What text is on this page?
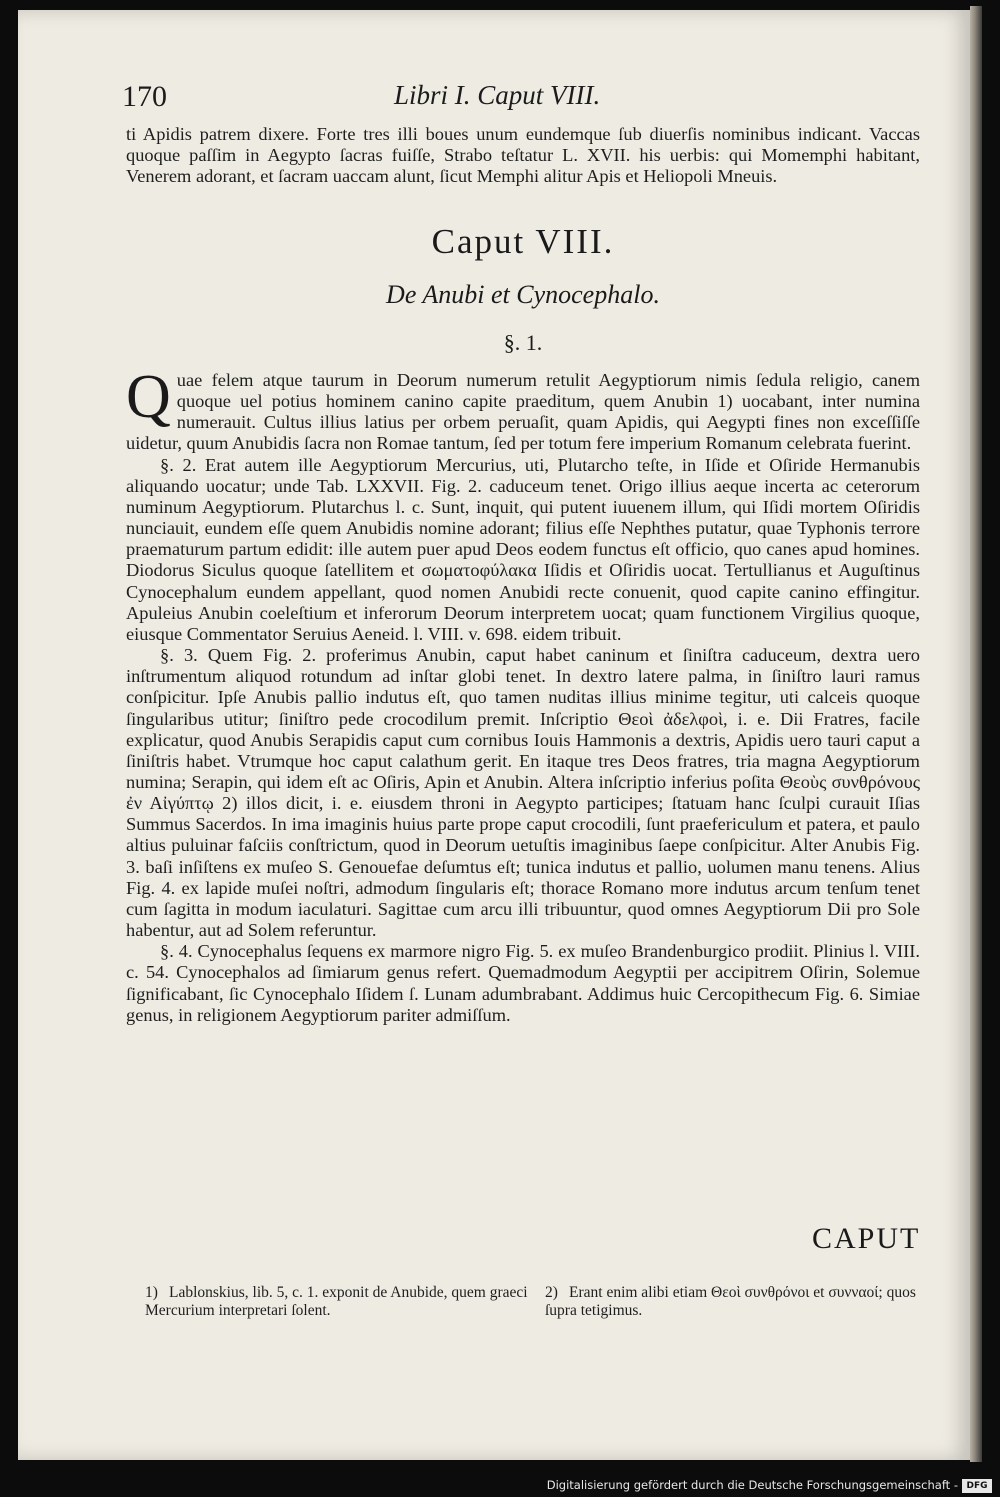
170	Libri I. Caput VIII.

ti Apidis patrem dixere. Forte tres illi boues unum eundemque ſub diuerſis nominibus indicant. Vaccas quoque paſſim in Aegypto ſacras fuiſſe, Strabo teſtatur L. XVII. his uerbis: qui Momemphi habitant, Venerem adorant, et ſacram uaccam alunt, ſicut Memphi alitur Apis et Heliopoli Mneuis.

Caput VIII.
De Anubi et Cynocephalo.
§. 1.

Quae felem atque taurum in Deorum numerum retulit Aegyptiorum nimis ſedula religio, canem quoque uel potius hominem canino capite praeditum, quem Anubin 1) uocabant, inter numina numerauit. Cultus illius latius per orbem peruaſit, quam Apidis, qui Aegypti fines non exceſſiſſe uidetur, quum Anubidis ſacra non Romae tantum, ſed per totum fere imperium Romanum celebrata fuerint.

§. 2. Erat autem ille Aegyptiorum Mercurius, uti, Plutarcho teſte, in Iſide et Oſiride Hermanubis aliquando uocatur; unde Tab. LXXVII. Fig. 2. caduceum tenet. Origo illius aeque incerta ac ceterorum numinum Aegyptiorum. Plutarchus l. c. Sunt, inquit, qui putent iuuenem illum, qui Iſidi mortem Oſiridis nunciauit, eundem eſſe quem Anubidis nomine adorant; filius eſſe Nephthes putatur, quae Typhonis terrore praematurum partum edidit: ille autem puer apud Deos eodem functus eſt officio, quo canes apud homines. Diodorus Siculus quoque ſatellitem et σωματοφύλακα Iſidis et Oſiridis uocat. Tertullianus et Auguſtinus Cynocephalum eundem appellant, quod nomen Anubidi recte conuenit, quod capite canino effingitur. Apuleius Anubin coeleſtium et inferorum Deorum interpretem uocat; quam functionem Virgilius quoque, eiusque Commentator Seruius Aeneid. l. VIII. v. 698. eidem tribuit.

§. 3. Quem Fig. 2. proferimus Anubin, caput habet caninum et ſiniſtra caduceum, dextra uero inſtrumentum aliquod rotundum ad inſtar globi tenet. In dextro latere palma, in ſiniſtro lauri ramus conſpicitur. Ipſe Anubis pallio indutus eſt, quo tamen nuditas illius minime tegitur, uti calceis quoque ſingularibus utitur; ſiniſtro pede crocodilum premit. Inſcriptio Θεοὶ ἀδελφοὶ, i. e. Dii Fratres, facile explicatur, quod Anubis Serapidis caput cum cornibus Iouis Hammonis a dextris, Apidis uero tauri caput a ſiniſtris habet. Vtrumque hoc caput calathum gerit. En itaque tres Deos fratres, tria magna Aegyptiorum numina; Serapin, qui idem eſt ac Oſiris, Apin et Anubin. Altera inſcriptio inferius poſita Θεοὺς συνθρόνους ἐν Αἰγύπτῳ 2) illos dicit, i. e. eiusdem throni in Aegypto participes; ſtatuam hanc ſculpi curauit Iſias Summus Sacerdos. In ima imaginis huius parte prope caput crocodili, ſunt praefericulum et patera, et paulo altius puluinar faſciis conſtrictum, quod in Deorum uetuſtis imaginibus ſaepe conſpicitur. Alter Anubis Fig. 3. baſi inſiſtens ex muſeo S. Genouefae deſumtus eſt; tunica indutus et pallio, uolumen manu tenens. Alius Fig. 4. ex lapide muſei noſtri, admodum ſingularis eſt; thorace Romano more indutus arcum tenſum tenet cum ſagitta in modum iaculaturi. Sagittae cum arcu illi tribuuntur, quod omnes Aegyptiorum Dii pro Sole habentur, aut ad Solem referuntur.

§. 4. Cynocephalus ſequens ex marmore nigro Fig. 5. ex muſeo Brandenburgico prodiit. Plinius l. VIII. c. 54. Cynocephalos ad ſimiarum genus refert. Quemadmodum Aegyptii per accipitrem Oſirin, Solemue ſignificabant, ſic Cynocephalo Iſidem ſ. Lunam adumbrabant. Addimus huic Cercopithecum Fig. 6. Simiae genus, in religionem Aegyptiorum pariter admiſſum.

CAPUT
1) Lablonskius, lib. 5, c. 1. exponit de Anubide, quem graeci Mercurium interpretari ſolent.
2) Erant enim alibi etiam Θεοὶ συνθρόνοι et συνναοί; quos ſupra tetigimus.
Digitalisierung gefördert durch die Deutsche Forschungsgemeinschaft - DFG
